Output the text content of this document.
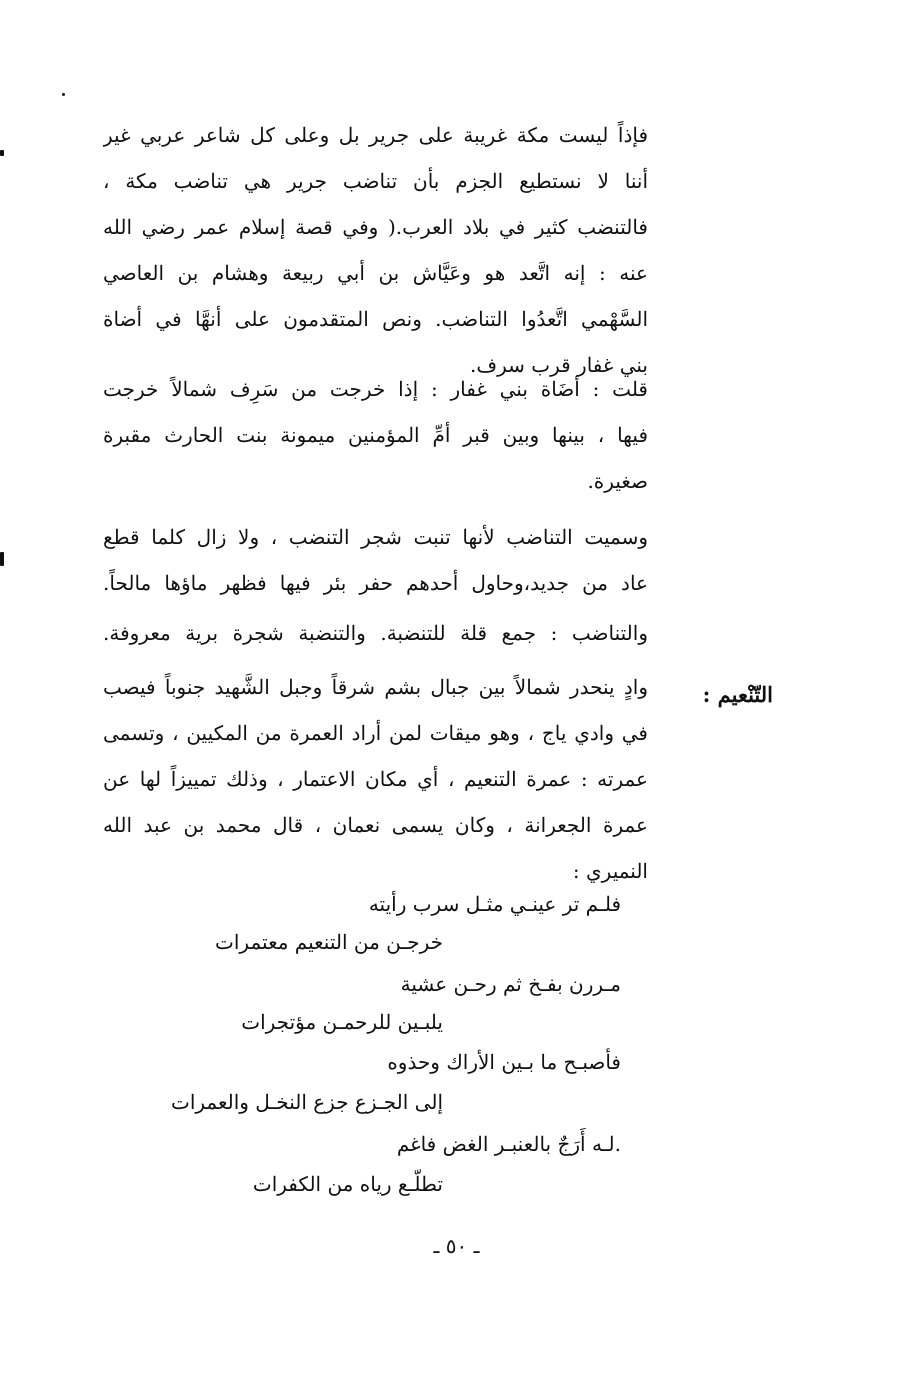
فإذاً ليست مكة غريبة على جرير بل وعلى كل شاعر عربي غير
أننا لا نستطيع الجزم بأن تناضب جرير هي تناضب مكة ،
فالتنضب كثير في بلاد العرب.( وفي قصة إسلام عمر رضي الله
عنه : إنه اتَّعد هو وعَيَّاش بن أبي ربيعة وهشام بن العاصي
السَّهْمي اتَّعدُوا التناضب. ونص المتقدمون على أنهَّا في أضاة
بني غفار قرب سرف.
قلت : أضَاة بني غفار : إذا خرجت من سَرِف شمالاً خرجت
فيها ، بينها وبين قبر أمِّ المؤمنين ميمونة بنت الحارث مقبرة
صغيرة.
وسميت التناضب لأنها تنبت شجر التنضب ، ولا زال كلما قطع
عاد من جديد،وحاول أحدهم حفر بئر فيها فظهر ماؤها مالحاً.
والتناضب : جمع قلة للتنضبة. والتنضبة شجرة برية معروفة.
التّنْعيم :
وادٍ ينحدر شمالاً بين جبال بشم شرقاً وجبل الشَّهيد جنوباً فيصب
في وادي ياج ، وهو ميقات لمن أراد العمرة من المكيين ، وتسمى
عمرته : عمرة التنعيم ، أي مكان الاعتمار ، وذلك تمييزاً لها عن
عمرة الجعرانة ، وكان يسمى نعمان ، قال محمد بن عبد الله
النميري :
فلـم تر عينـي مثـل سرب رأيته
خرجـن من التنعيم معتمرات
مـررن بفـخ ثم رحـن عشية
يلبـين للرحمـن مؤتجرات
فأصبـح ما بـين الأراك وحذوه
إلى الجـزع جزع النخـل والعمرات
.لـه أَرَجٌ بالعنبـر الغض فاغم
تطلّـع رياه من الكفرات
ـ ٥٠ ـ
